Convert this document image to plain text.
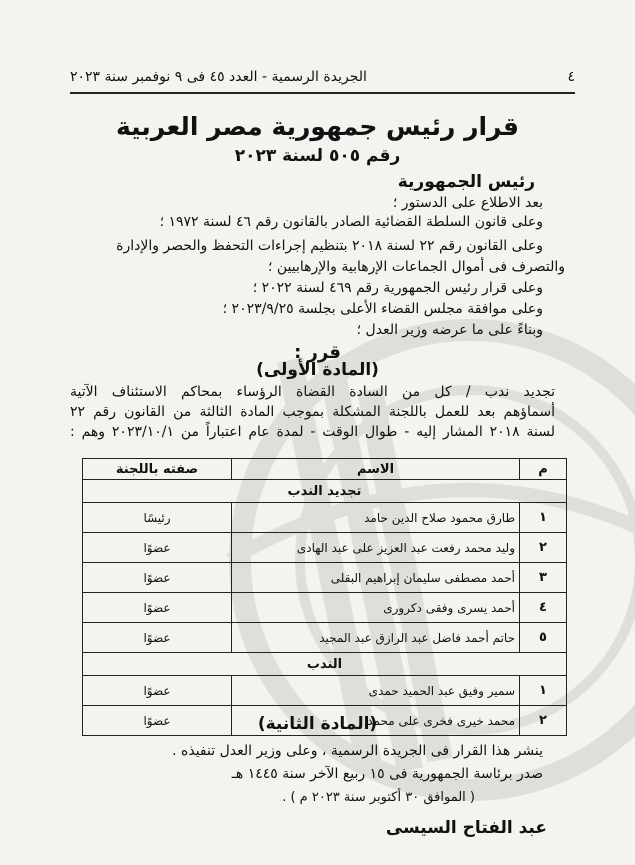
٤
الجريدة الرسمية - العدد ٤٥ فى ٩ نوفمبر سنة ٢٠٢٣
قرار رئيس جمهورية مصر العربية
رقم ٥٠٥ لسنة ٢٠٢٣
رئيس الجمهورية
بعد الاطلاع على الدستور ؛
وعلى قانون السلطة القضائية الصادر بالقانون رقم ٤٦ لسنة ١٩٧٢ ؛
وعلى القانون رقم ٢٢ لسنة ٢٠١٨ بتنظيم إجراءات التحفظ والحصر والإدارة
والتصرف فى أموال الجماعات الإرهابية والإرهابيين ؛
وعلى قرار رئيس الجمهورية رقم ٤٦٩ لسنة ٢٠٢٢ ؛
وعلى موافقة مجلس القضاء الأعلى بجلسة ٢٠٢٣/٩/٢٥ ؛
وبناءً على ما عرضه وزير العدل ؛
قرر :
(المادة الأولى)
تجديد ندب / كل من السادة القضاة الرؤساء بمحاكم الاستئناف الآتية
أسماؤهم بعد للعمل باللجنة المشكلة بموجب المادة الثالثة من القانون رقم ٢٢
لسنة ٢٠١٨ المشار إليه - طوال الوقت - لمدة عام اعتباراً من ٢٠٢٣/١٠/١ وهم :
م	الاسم	صفته باللجنة
تجديد الندب		
١	طارق محمود صلاح الدين حامد	رئيسًا
٢	وليد محمد رفعت عبد العزيز على عبد الهادى	عضوًا
٣	أحمد مصطفى سليمان إبراهيم البقلى	عضوًا
٤	أحمد يسرى وفقى دكرورى	عضوًا
٥	حاتم أحمد فاضل عبد الرازق عبد المجيد	عضوًا
الندب		
١	سمير وفيق عبد الحميد حمدى	عضوًا
٢	محمد خيرى فخرى على محمد	عضوًا	(المادة الثانية)
ينشر هذا القرار فى الجريدة الرسمية ، وعلى وزير العدل تنفيذه .
صدر برئاسة الجمهورية فى ١٥ ربيع الآخر سنة ١٤٤٥ هـ
( الموافق ٣٠ أكتوبر سنة ٢٠٢٣ م ) .
عبد الفتاح السيسى
